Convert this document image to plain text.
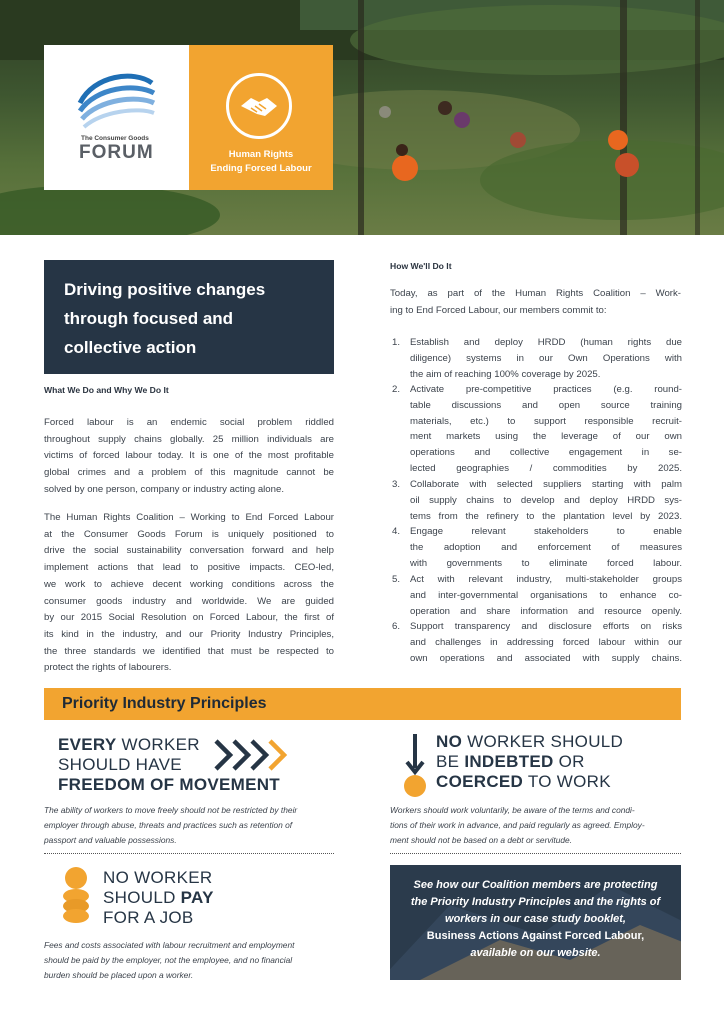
The Consumer Goods
FORUM	Human Rights
Ending Forced Labour
Driving positive changes
through focused and
collective action
What We Do and Why We Do It
Forced labour is an endemic social problem riddled
throughout supply chains globally. 25 million individuals are
victims of forced labour today. It is one of the most profitable
global crimes and a problem of this magnitude cannot be
solved by one person, company or industry acting alone.
The Human Rights Coalition – Working to End Forced Labour
at the Consumer Goods Forum is uniquely positioned to
drive the social sustainability conversation forward and help
implement actions that lead to positive impacts. CEO-led,
we work to achieve decent working conditions across the
consumer goods industry and worldwide. We are guided
by our 2015 Social Resolution on Forced Labour, the first of
its kind in the industry, and our Priority Industry Principles,
the three standards we identified that must be respected to
protect the rights of labourers.
How We'll Do It
Today, as part of the Human Rights Coalition – Work-
ing to End Forced Labour, our members commit to:
1. Establish and deploy HRDD (human rights due
diligence) systems in our Own Operations with
the aim of reaching 100% coverage by 2025.
2. Activate pre-competitive practices (e.g. round-
table discussions and open source training
materials, etc.) to support responsible recruit-
ment markets using the leverage of our own
operations and collective engagement in se-
lected geographies / commodities by 2025.
3. Collaborate with selected suppliers starting with palm
oil supply chains to develop and deploy HRDD sys-
tems from the refinery to the plantation level by 2023.
4. Engage relevant stakeholders to enable
the adoption and enforcement of measures
with governments to eliminate forced labour.
5. Act with relevant industry, multi-stakeholder groups
and inter-governmental organisations to enhance co-
operation and share information and resource openly.
6. Support transparency and disclosure efforts on risks
and challenges in addressing forced labour within our
own operations and associated with supply chains.
Priority Industry Principles
EVERY WORKER
SHOULD HAVE
FREEDOM OF MOVEMENT
The ability of workers to move freely should not be restricted by their
employer through abuse, threats and practices such as retention of
passport and valuable possessions.
NO WORKER SHOULD
BE INDEBTED OR
COERCED TO WORK
Workers should work voluntarily, be aware of the terms and condi-
tions of their work in advance, and paid regularly as agreed. Employ-
ment should not be based on a debt or servitude.
NO WORKER
SHOULD PAY
FOR A JOB
Fees and costs associated with labour recruitment and employment
should be paid by the employer, not the employee, and no financial
burden should be placed upon a worker.
See how our Coalition members are protecting
the Priority Industry Principles and the rights of
workers in our case study booklet,
Business Actions Against Forced Labour,
available on our website.
